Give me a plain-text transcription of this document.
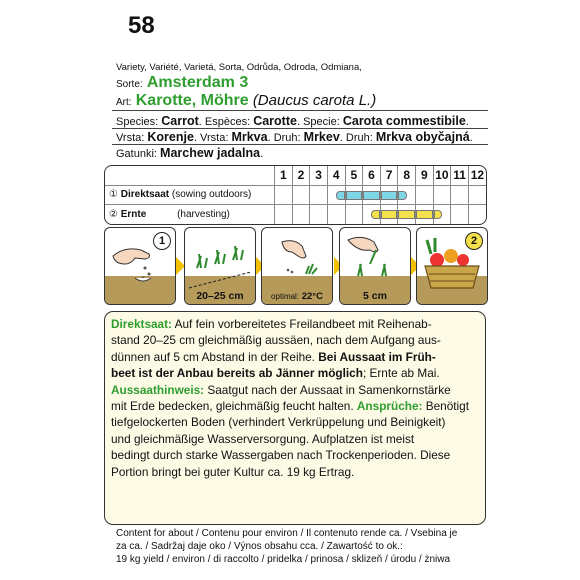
58
Variety, Variété, Varietá, Sorta, Odrůda, Odroda, Odmiana,
Sorte: Amsterdam 3
Art: Karotte, Möhre (Daucus carota L.)
Species: Carrot. Espèces: Carotte. Specie: Carota commestibile.
Vrsta: Korenje. Vrsta: Mrkva. Druh: Mrkev. Druh: Mrkva obyčajná.
Gatunki: Marchew jadalna.
	1	2	3	4	5	6	7	8	9	10	11	12
① Direktsaat (sowing outdoors)				

② Ernte (harvesting)						

1
20–25 cm	optimal: 22°C	5 cm
2
Direktsaat: Auf fein vorbereitetes Freilandbeet mit Reihenab-
stand 20–25 cm gleichmäßig aussäen, nach dem Aufgang aus-
dünnen auf 5 cm Abstand in der Reihe. Bei Aussaat im Früh-
beet ist der Anbau bereits ab Jänner möglich; Ernte ab Mai.
Aussaathinweis: Saatgut nach der Aussaat in Samenkornstärke
mit Erde bedecken, gleichmäßig feucht halten. Ansprüche: Benötigt
tiefgelockerten Boden (verhindert Verkrüppelung und Beinigkeit)
und gleichmäßige Wasserversorgung. Aufplatzen ist meist
bedingt durch starke Wassergaben nach Trockenperioden. Diese
Portion bringt bei guter Kultur ca. 19 kg Ertrag.
Content for about / Contenu pour environ / Il contenuto rende ca. / Vsebina je
za ca. / Sadržaj daje oko / Výnos obsahu cca. / Zawartość to ok.:
19 kg yield / environ / di raccolto / pridelka / prinosa / sklizeň / úrodu / żniwa
